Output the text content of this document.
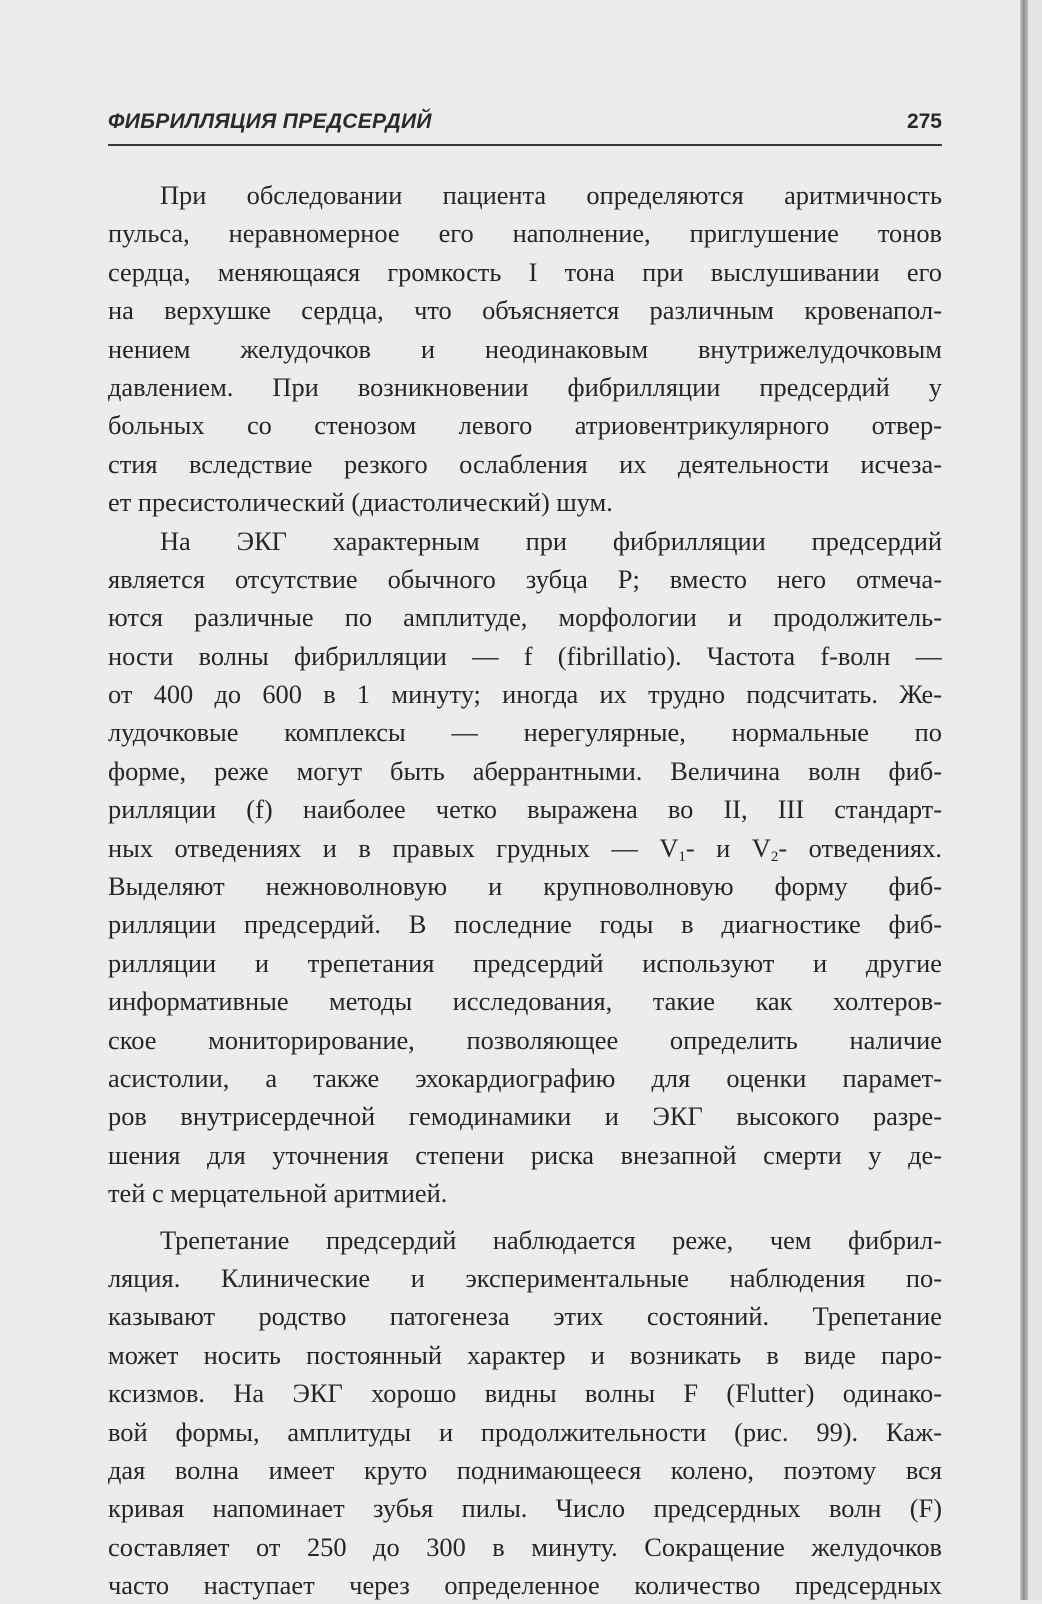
ФИБРИЛЛЯЦИЯ ПРЕДСЕРДИЙ	275
При обследовании пациента определяются аритмичность
пульса, неравномерное его наполнение, приглушение тонов
сердца, меняющаяся громкость I тона при выслушивании его
на верхушке сердца, что объясняется различным кровенапол-
нением желудочков и неодинаковым внутрижелудочковым
давлением. При возникновении фибрилляции предсердий у
больных со стенозом левого атриовентрикулярного отвер-
стия вследствие резкого ослабления их деятельности исчеза-
ет пресистолический (диастолический) шум.
На ЭКГ характерным при фибрилляции предсердий
является отсутствие обычного зубца P; вместо него отмеча-
ются различные по амплитуде, морфологии и продолжитель-
ности волны фибрилляции — f (fibrillatio). Частота f-волн —
от 400 до 600 в 1 минуту; иногда их трудно подсчитать. Же-
лудочковые комплексы — нерегулярные, нормальные по
форме, реже могут быть аберрантными. Величина волн фиб-
рилляции (f) наиболее четко выражена во II, III стандарт-
ных отведениях и в правых грудных — $V_1-$ и $V_2-$ отведениях.
Выделяют нежноволновую и крупноволновую форму фиб-
рилляции предсердий. В последние годы в диагностике фиб-
рилляции и трепетания предсердий используют и другие
информативные методы исследования, такие как холтеров-
ское мониторирование, позволяющее определить наличие
асистолии, а также эхокардиографию для оценки парамет-
ров внутрисердечной гемодинамики и ЭКГ высокого разре-
шения для уточнения степени риска внезапной смерти у де-
тей с мерцательной аритмией.
Трепетание предсердий наблюдается реже, чем фибрил-
ляция. Клинические и экспериментальные наблюдения по-
казывают родство патогенеза этих состояний. Трепетание
может носить постоянный характер и возникать в виде паро-
ксизмов. На ЭКГ хорошо видны волны F (Flutter) одинако-
вой формы, амплитуды и продолжительности (рис. 99). Каж-
дая волна имеет круто поднимающееся колено, поэтому вся
кривая напоминает зубья пилы. Число предсердных волн (F)
составляет от 250 до 300 в минуту. Сокращение желудочков
часто наступает через определенное количество предсердных
